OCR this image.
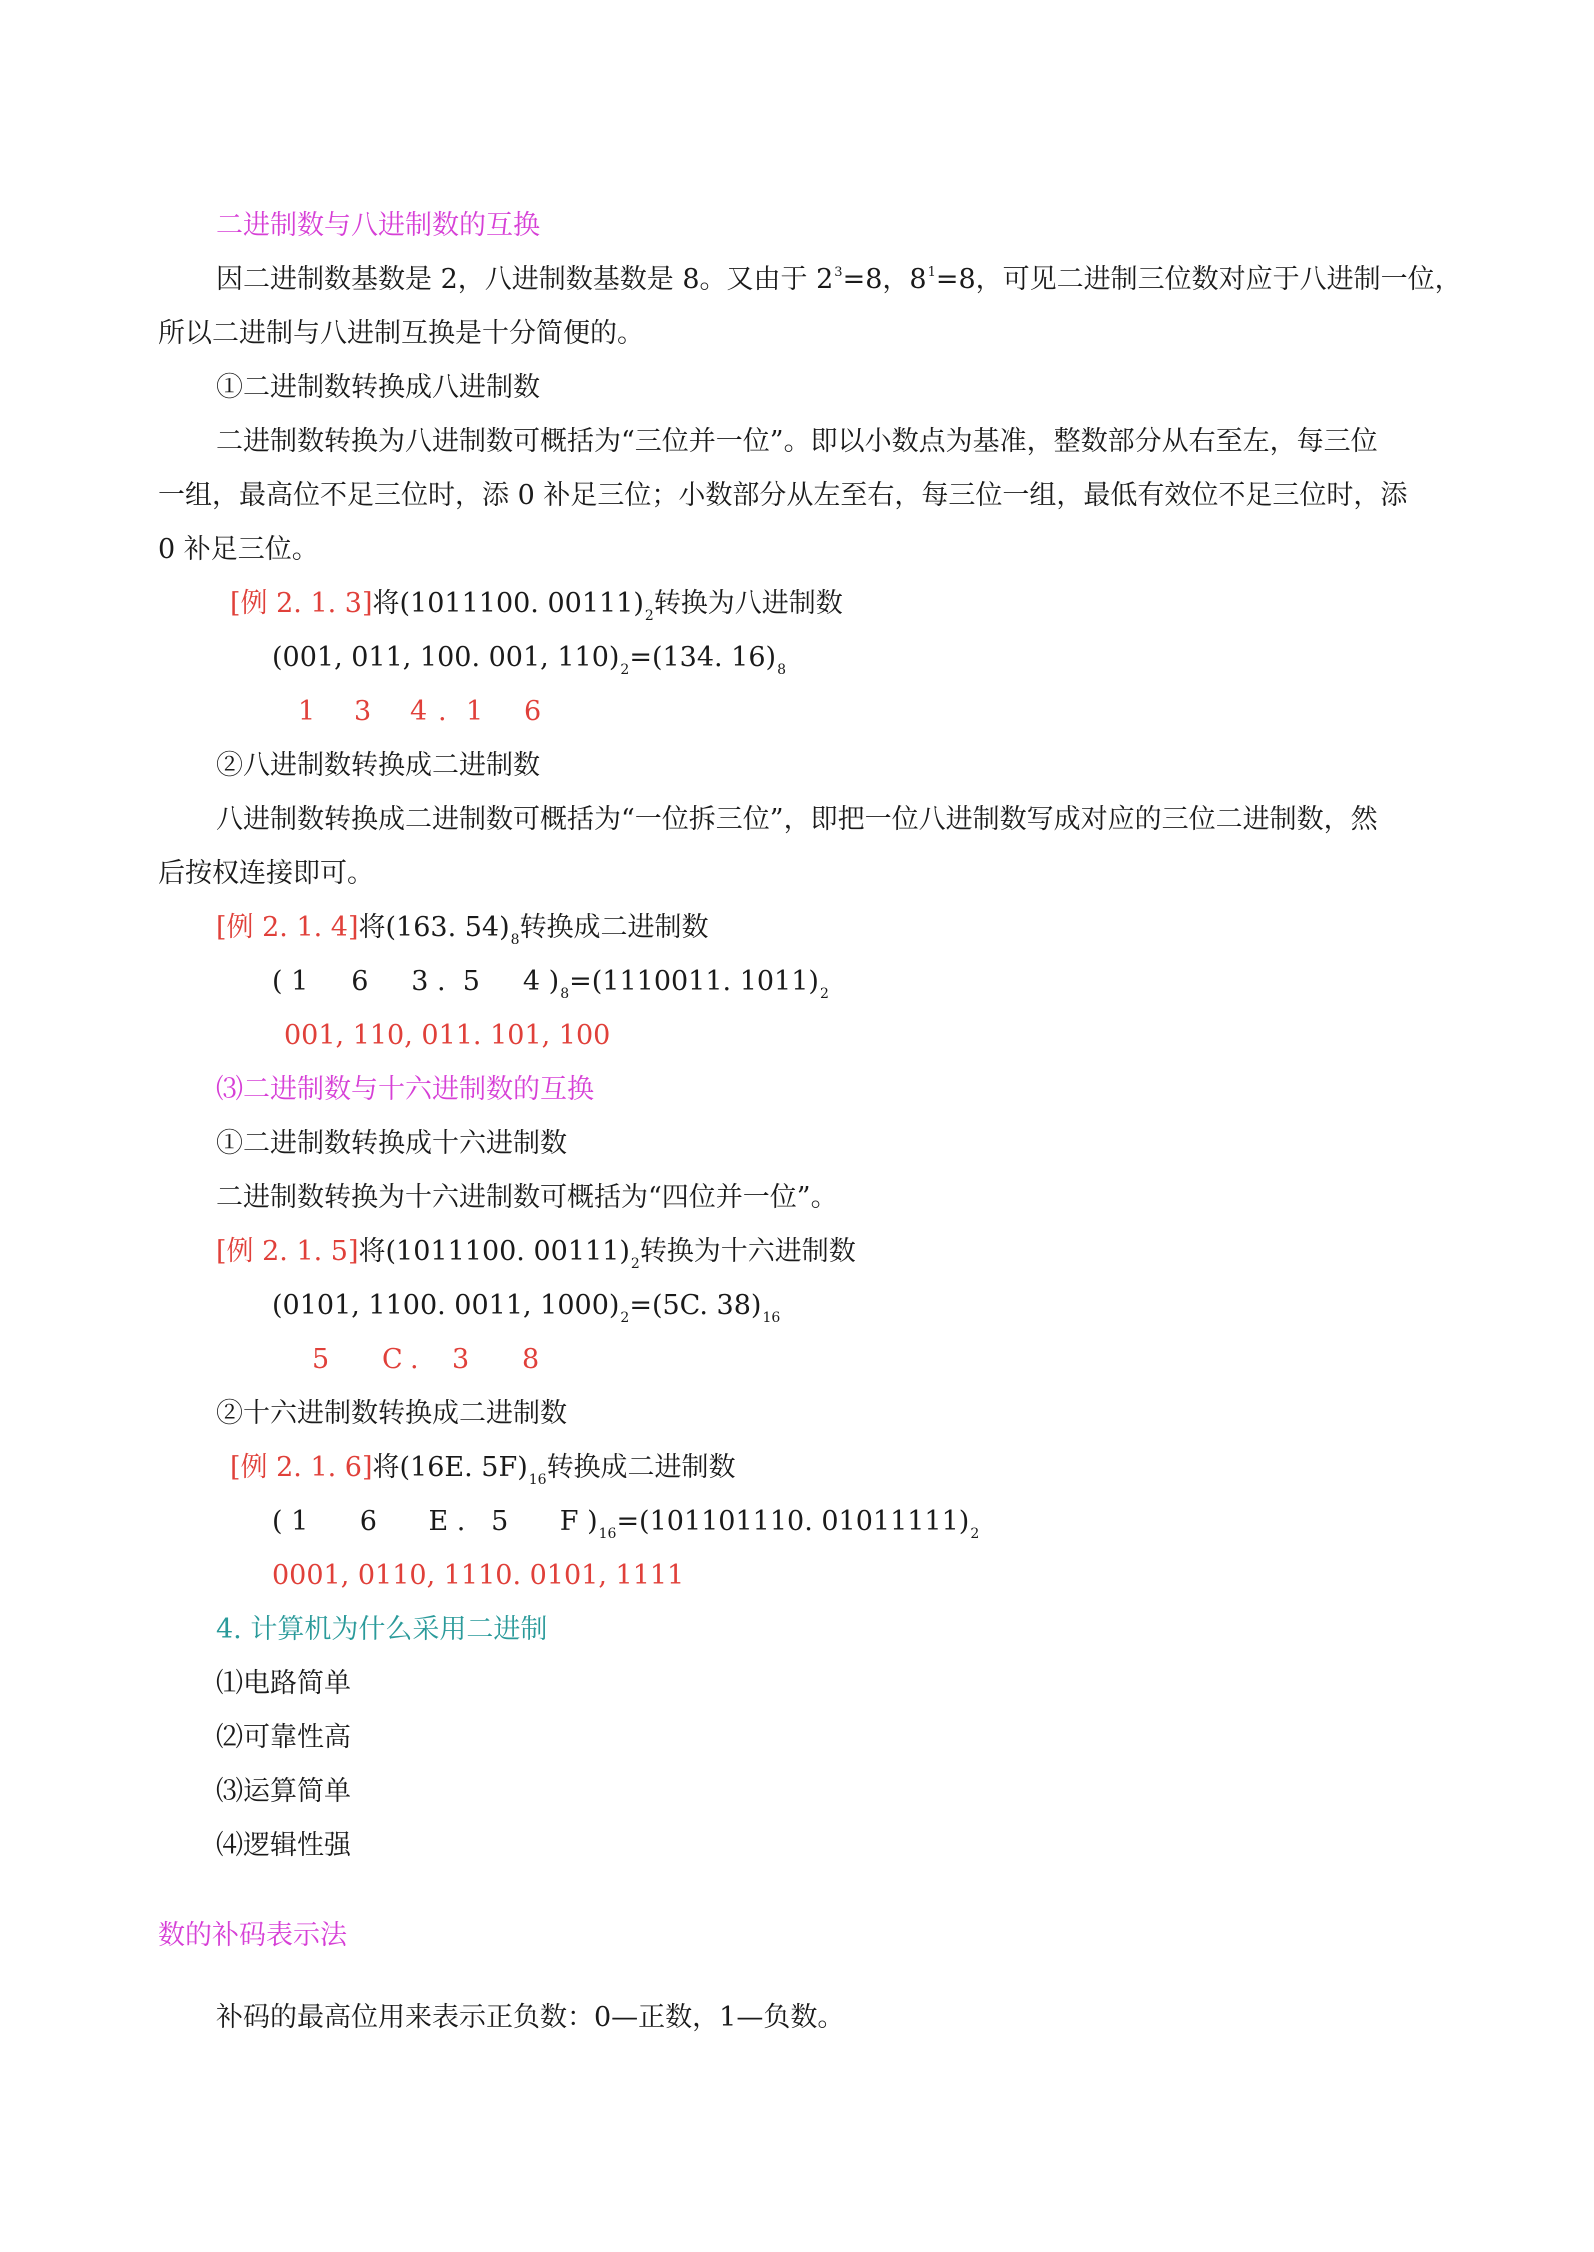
二进制数与八进制数的互换
因二进制数基数是 2，八进制数基数是 8。又由于 $2^3=8$，$8^1=8$，可见二进制三位数对应于八进制一位，
所以二进制与八进制互换是十分简便的。
①二进制数转换成八进制数
二进制数转换为八进制数可概括为“三位并一位”。即以小数点为基准，整数部分从右至左，每三位
一组，最高位不足三位时，添 0 补足三位；小数部分从左至右，每三位一组，最低有效位不足三位时，添
0 补足三位。
[例 2. 1. 3]将(1011100. $00111)_2$转换为八进制数
(001, 011, 100. 001, $110)_2=(134$. $16)_8$
1 3 4 . 1 6
②八进制数转换成二进制数
八进制数转换成二进制数可概括为“一位拆三位”，即把一位八进制数写成对应的三位二进制数，然
后按权连接即可。
[例 2. 1. 4]将(163. $54)_8$转换成二进制数
( 1     6     3 .  5     4 )$_8=(1110011$. $1011)_2$
001, 110, 011. 101, 100
⑶二进制数与十六进制数的互换
①二进制数转换成十六进制数
二进制数转换为十六进制数可概括为“四位并一位”。
[例 2. 1. 5]将(1011100. $00111)_2$转换为十六进制数
(0101, 1100. 0011, $1000)_2=(5C$. $38)_{16}$
5 C . 3 8
②十六进制数转换成二进制数
[例 2. 1. 6]将(16E. $5F)_{16}$转换成二进制数
( 1      6      E .   5      F )$_{16}=(101101110$. $01011111)_2$
0001, 0110, 1110. 0101, 1111
4. 计算机为什么采用二进制
⑴电路简单
⑵可靠性高
⑶运算简单
⑷逻辑性强
数的补码表示法
补码的最高位用来表示正负数：0—正数，1—负数。
